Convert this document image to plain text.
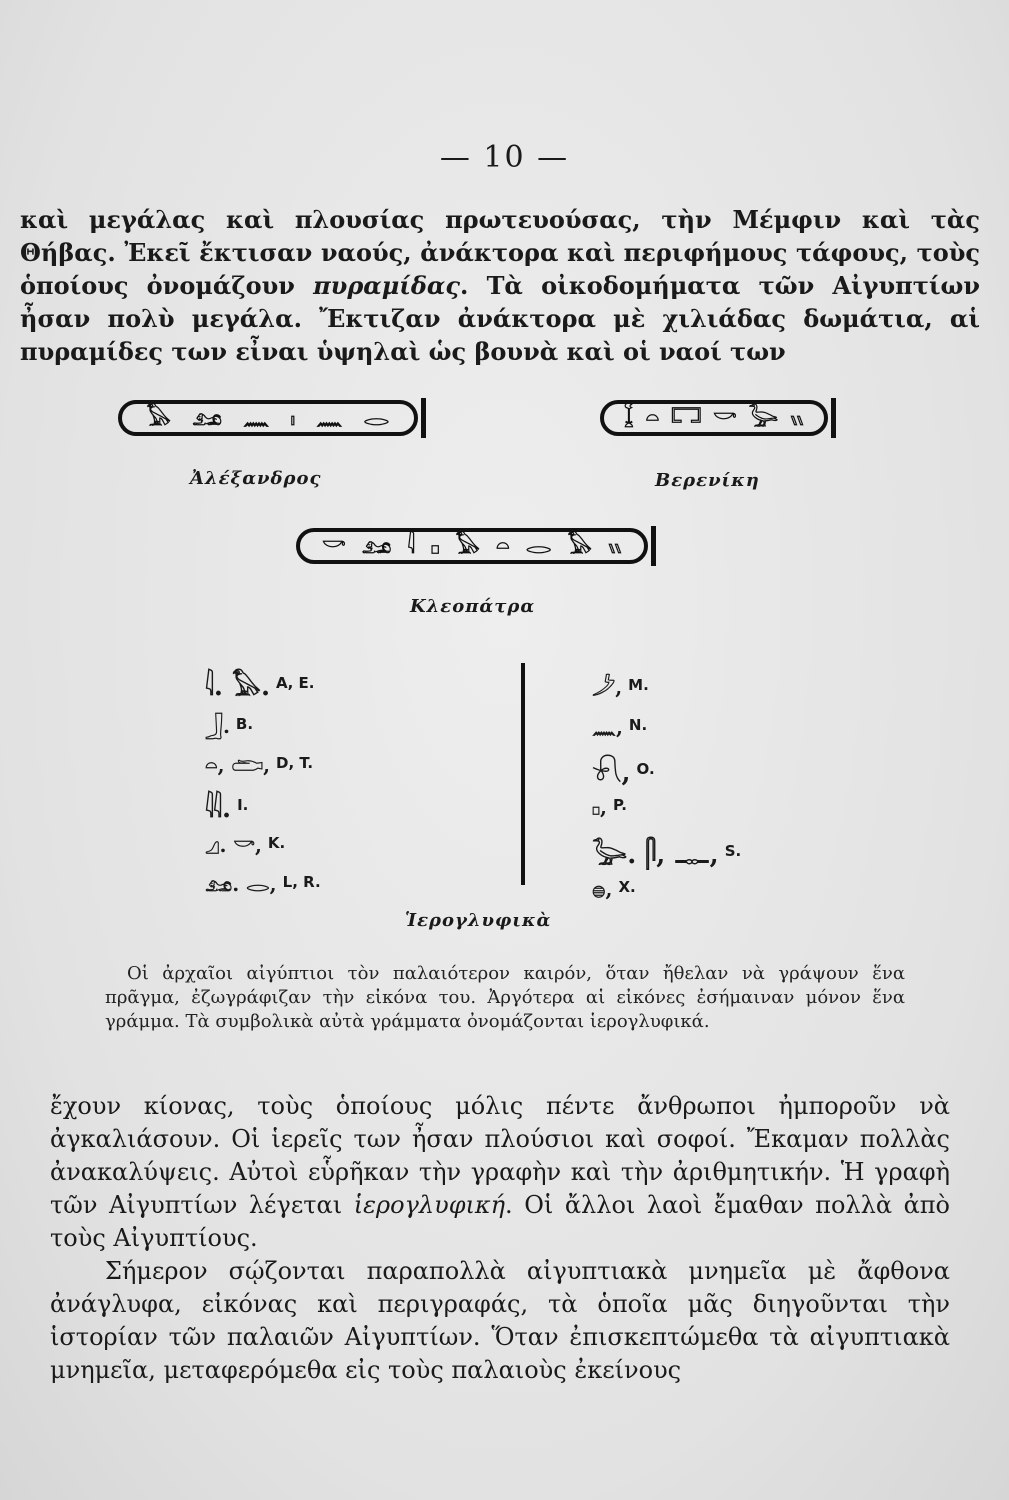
— 10 —

καὶ μεγάλας καὶ πλουσίας πρωτευούσας, τὴν Μέμφιν καὶ τὰς Θήβας. Ἐκεῖ ἔκτισαν ναούς, ἀνάκτορα καὶ περιφήμους τάφους, τοὺς ὁποίους ὀνομάζουν πυραμίδας. Τὰ οἰκοδομήματα τῶν Αἰγυπτίων ἦσαν πολὺ μεγάλα. Ἔκτιζαν ἀνάκτορα μὲ χιλιάδας δωμάτια, αἱ πυραμίδες των εἶναι ὑψηλαὶ ὡς βουνὰ καὶ οἱ ναοί των

𓅃 𓃭 𓈖 𓏤 𓈖 𓂋
Ἀλέξανδρος
𓆼 𓏏 𓉐 𓎡 𓅬 𓏭
Βερενίκη
𓎡 𓃭 𓇋 𓊪 𓅃 𓏏 𓂋 𓅃 𓏭
Κλεοπάτρα
𓇋. 𓅃. Α, Ε.
𓃀. Β.
𓏏, 𓂧, D, T.
𓇌. I.
𓈎. 𓎡, K.
𓃭. 𓂋, L, R.
𓌳, M.
𓈖, N.
𓍯, O.
𓊪, P.
𓅬. 𓋴, 𓊃, S.
𓐍, X.
Ἱερογλυφικὰ

Οἱ ἀρχαῖοι αἰγύπτιοι τὸν παλαιότερον καιρόν, ὅταν ἤθελαν νὰ γράψουν ἕνα πρᾶγμα, ἐζωγράφιζαν τὴν εἰκόνα του. Ἀργότερα αἱ εἰκόνες ἐσήμαιναν μόνον ἕνα γράμμα. Τὰ συμβολικὰ αὐτὰ γράμματα ὀνομάζονται ἱερογλυφικά.

ἔχουν κίονας, τοὺς ὁποίους μόλις πέντε ἄνθρωποι ἠμποροῦν νὰ ἀγκαλιάσουν. Οἱ ἱερεῖς των ἦσαν πλούσιοι καὶ σοφοί. Ἔκαμαν πολλὰς ἀνακαλύψεις. Αὐτοὶ εὗρῆκαν τὴν γραφὴν καὶ τὴν ἀριθμητικήν. Ἡ γραφὴ τῶν Αἰγυπτίων λέγεται ἱερογλυφική. Οἱ ἄλλοι λαοὶ ἔμαθαν πολλὰ ἀπὸ τοὺς Αἰγυπτίους.

Σήμερον σῴζονται παραπολλὰ αἰγυπτιακὰ μνημεῖα μὲ ἄφθονα ἀνάγλυφα, εἰκόνας καὶ περιγραφάς, τὰ ὁποῖα μᾶς διηγοῦνται τὴν ἱστορίαν τῶν παλαιῶν Αἰγυπτίων. Ὅταν ἐπισκεπτώμεθα τὰ αἰγυπτιακὰ μνημεῖα, μεταφερόμεθα εἰς τοὺς παλαιοὺς ἐκείνους
